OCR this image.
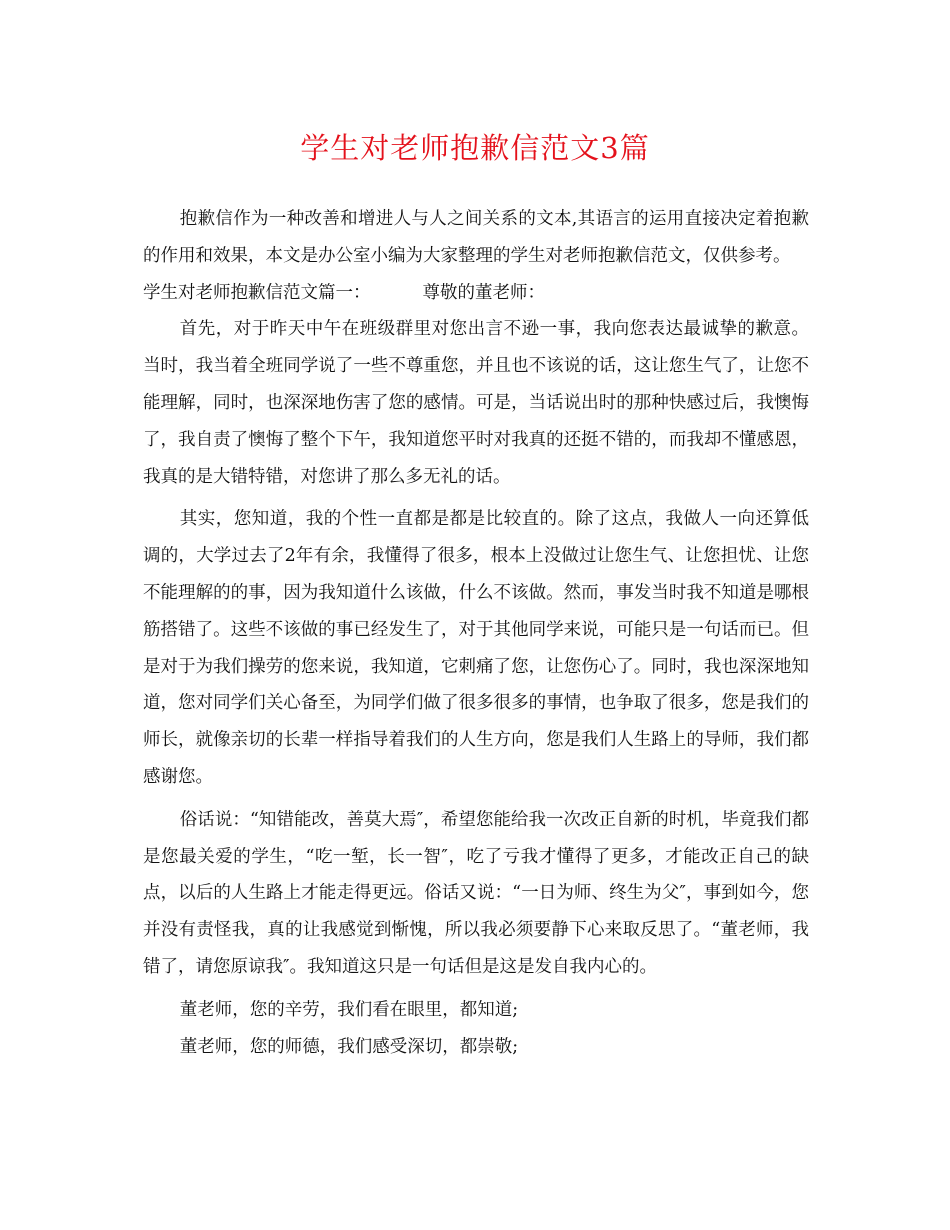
学生对老师抱歉信范文3篇

抱歉信作为一种改善和增进人与人之间关系的文本,其语言的运用直接决定着抱歉的作用和效果，本文是办公室小编为大家整理的学生对老师抱歉信范文，仅供参考。

学生对老师抱歉信范文篇一：	尊敬的董老师：

首先，对于昨天中午在班级群里对您出言不逊一事，我向您表达最诚挚的歉意。当时，我当着全班同学说了一些不尊重您，并且也不该说的话，这让您生气了，让您不能理解，同时，也深深地伤害了您的感情。可是，当话说出时的那种快感过后，我懊悔了，我自责了懊悔了整个下午，我知道您平时对我真的还挺不错的，而我却不懂感恩，我真的是大错特错，对您讲了那么多无礼的话。

其实，您知道，我的个性一直都是都是比较直的。除了这点，我做人一向还算低调的，大学过去了2年有余，我懂得了很多，根本上没做过让您生气、让您担忧、让您不能理解的的事，因为我知道什么该做，什么不该做。然而，事发当时我不知道是哪根筋搭错了。这些不该做的事已经发生了，对于其他同学来说，可能只是一句话而已。但是对于为我们操劳的您来说，我知道，它刺痛了您，让您伤心了。同时，我也深深地知道，您对同学们关心备至，为同学们做了很多很多的事情，也争取了很多，您是我们的师长，就像亲切的长辈一样指导着我们的人生方向，您是我们人生路上的导师，我们都感谢您。

俗话说：“知错能改，善莫大焉″，希望您能给我一次改正自新的时机，毕竟我们都是您最关爱的学生，“吃一堑，长一智″，吃了亏我才懂得了更多，才能改正自己的缺点，以后的人生路上才能走得更远。俗话又说：“一日为师、终生为父″，事到如今，您并没有责怪我，真的让我感觉到惭愧，所以我必须要静下心来取反思了。“董老师，我错了，请您原谅我″。我知道这只是一句话但是这是发自我内心的。

董老师，您的辛劳，我们看在眼里，都知道;

董老师，您的师德，我们感受深切，都崇敬;
